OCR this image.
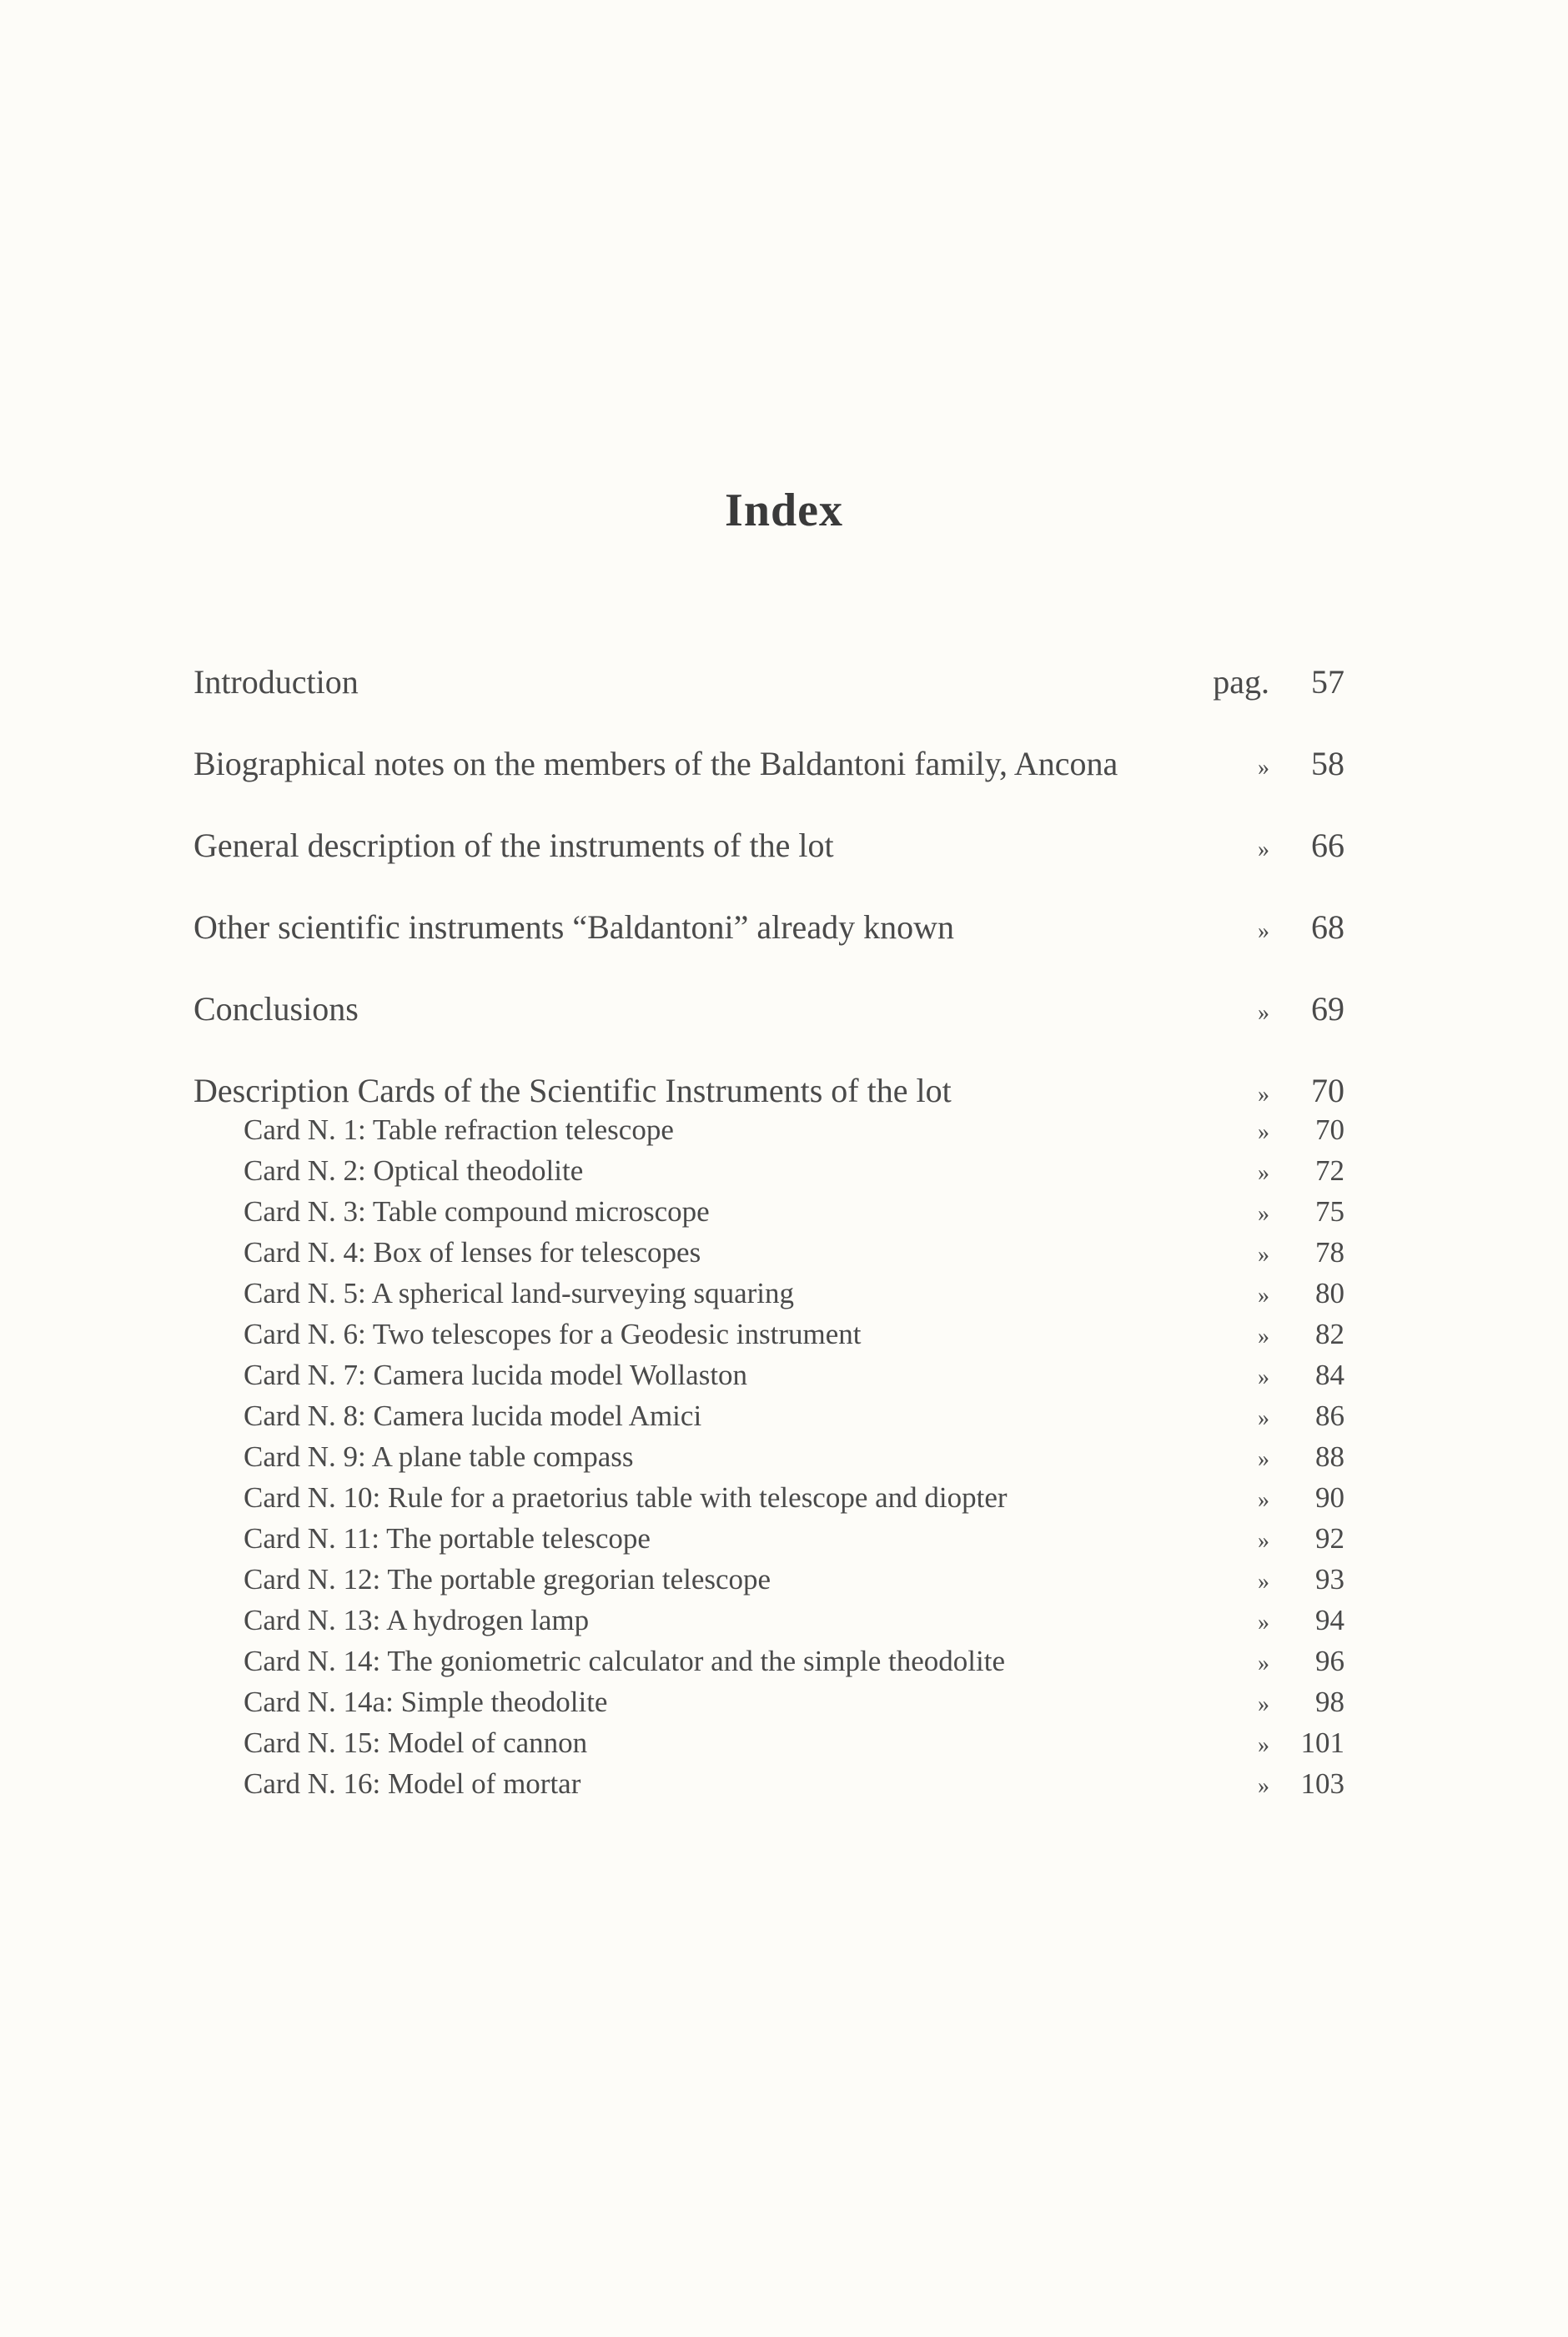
Index
Introduction	pag.	57
Biographical notes on the members of the Baldantoni family, Ancona	»	58
General description of the instruments of the lot	»	66
Other scientific instruments “Baldantoni” already known	»	68
Conclusions	»	69
Description Cards of the Scientific Instruments of the lot	»	70
Card N. 1: Table refraction telescope	»	70
Card N. 2: Optical theodolite	»	72
Card N. 3: Table compound microscope	»	75
Card N. 4: Box of lenses for telescopes	»	78
Card N. 5: A spherical land-surveying squaring	»	80
Card N. 6: Two telescopes for a Geodesic instrument	»	82
Card N. 7: Camera lucida model Wollaston	»	84
Card N. 8: Camera lucida model Amici	»	86
Card N. 9: A plane table compass	»	88
Card N. 10: Rule for a praetorius table with telescope and diopter	»	90
Card N. 11: The portable telescope	»	92
Card N. 12: The portable gregorian telescope	»	93
Card N. 13: A hydrogen lamp	»	94
Card N. 14: The goniometric calculator and the simple theodolite	»	96
Card N. 14a: Simple theodolite	»	98
Card N. 15: Model of cannon	»	101
Card N. 16: Model of mortar	»	103
